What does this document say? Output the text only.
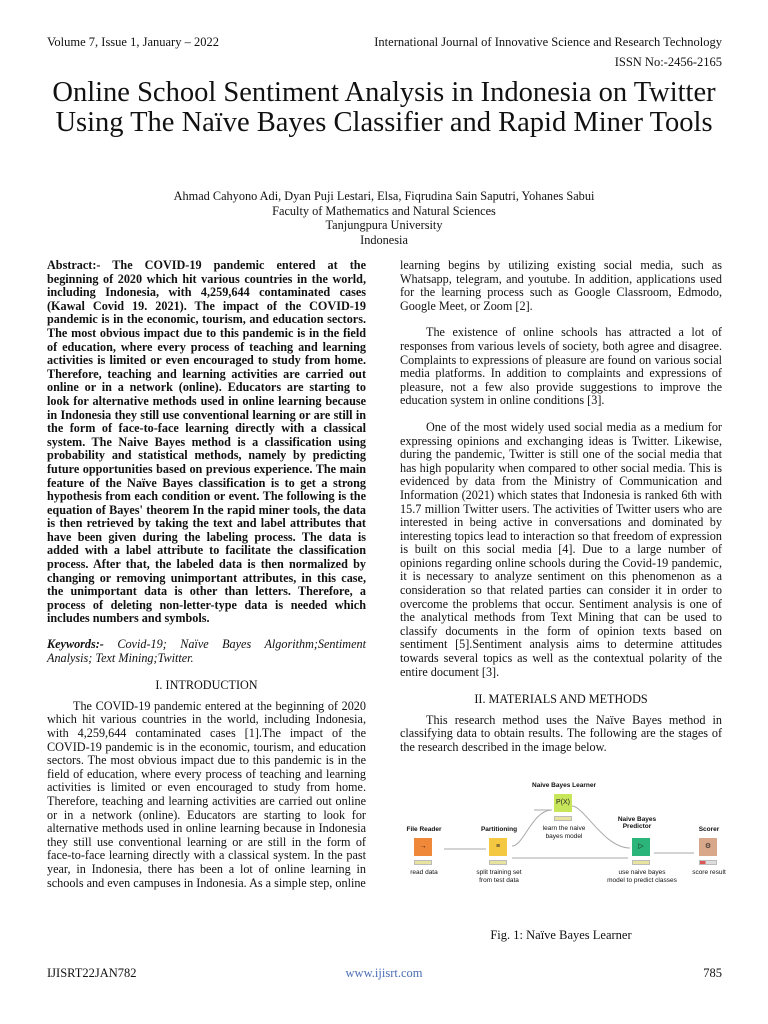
Volume 7, Issue 1, January – 2022	International Journal of Innovative Science and Research Technology
ISSN No:-2456-2165
Online School Sentiment Analysis in Indonesia on Twitter Using The Naïve Bayes Classifier and Rapid Miner Tools
Ahmad Cahyono Adi, Dyan Puji Lestari, Elsa, Fiqrudina Sain Saputri, Yohanes Sabui
Faculty of Mathematics and Natural Sciences
Tanjungpura University
Indonesia

Abstract:- The COVID-19 pandemic entered at the beginning of 2020 which hit various countries in the world, including Indonesia, with 4,259,644 contaminated cases (Kawal Covid 19. 2021). The impact of the COVID-19 pandemic is in the economic, tourism, and education sectors. The most obvious impact due to this pandemic is in the field of education, where every process of teaching and learning activities is limited or even encouraged to study from home. Therefore, teaching and learning activities are carried out online or in a network (online). Educators are starting to look for alternative methods used in online learning because in Indonesia they still use conventional learning or are still in the form of face-to-face learning directly with a classical system. The Naive Bayes method is a classification using probability and statistical methods, namely by predicting future opportunities based on previous experience. The main feature of the Naïve Bayes classification is to get a strong hypothesis from each condition or event. The following is the equation of Bayes' theorem In the rapid miner tools, the data is then retrieved by taking the text and label attributes that have been given during the labeling process. The data is added with a label attribute to facilitate the classification process. After that, the labeled data is then normalized by changing or removing unimportant attributes, in this case, the unimportant data is other than letters. Therefore, a process of deleting non-letter-type data is needed which includes numbers and symbols.

Keywords:- Covid-19; Naïve Bayes Algorithm;Sentiment Analysis; Text Mining;Twitter.

I. INTRODUCTION

The COVID-19 pandemic entered at the beginning of 2020 which hit various countries in the world, including Indonesia, with 4,259,644 contaminated cases [1].The impact of the COVID-19 pandemic is in the economic, tourism, and education sectors. The most obvious impact due to this pandemic is in the field of education, where every process of teaching and learning activities is limited or even encouraged to study from home. Therefore, teaching and learning activities are carried out online or in a network (online). Educators are starting to look for alternative methods used in online learning because in Indonesia they still use conventional learning or are still in the form of face-to-face learning directly with a classical system. In the past year, in Indonesia, there has been a lot of online learning in schools and even campuses in Indonesia. As a simple step, online

learning begins by utilizing existing social media, such as Whatsapp, telegram, and youtube. In addition, applications used for the learning process such as Google Classroom, Edmodo, Google Meet, or Zoom [2].

The existence of online schools has attracted a lot of responses from various levels of society, both agree and disagree. Complaints to expressions of pleasure are found on various social media platforms. In addition to complaints and expressions of pleasure, not a few also provide suggestions to improve the education system in online conditions [3].

One of the most widely used social media as a medium for expressing opinions and exchanging ideas is Twitter. Likewise, during the pandemic, Twitter is still one of the social media that has high popularity when compared to other social media. This is evidenced by data from the Ministry of Communication and Information (2021) which states that Indonesia is ranked 6th with 15.7 million Twitter users. The activities of Twitter users who are interested in being active in conversations and dominated by interesting topics lead to interaction so that freedom of expression is built on this social media [4]. Due to a large number of opinions regarding online schools during the Covid-19 pandemic, it is necessary to analyze sentiment on this phenomenon as a consideration so that related parties can consider it in order to overcome the problems that occur. Sentiment analysis is one of the analytical methods from Text Mining that can be used to classify documents in the form of opinion texts based on sentiment [5].Sentiment analysis aims to determine attitudes towards several topics as well as the contextual polarity of the entire document [3].

II. MATERIALS AND METHODS

This research method uses the Naïve Bayes method in classifying data to obtain results. The following are the stages of the research described in the image below.

File Reader
→
read data
Partitioning
≡
split training set
from test data
Naive Bayes Learner
P(X)
learn the naive
bayes model
Naive Bayes Predictor
▷
use naive bayes
model to predict classes
Scorer
⚙
score result
Fig. 1: Naïve Bayes Learner
IJISRT22JAN782	www.ijisrt.com	785
